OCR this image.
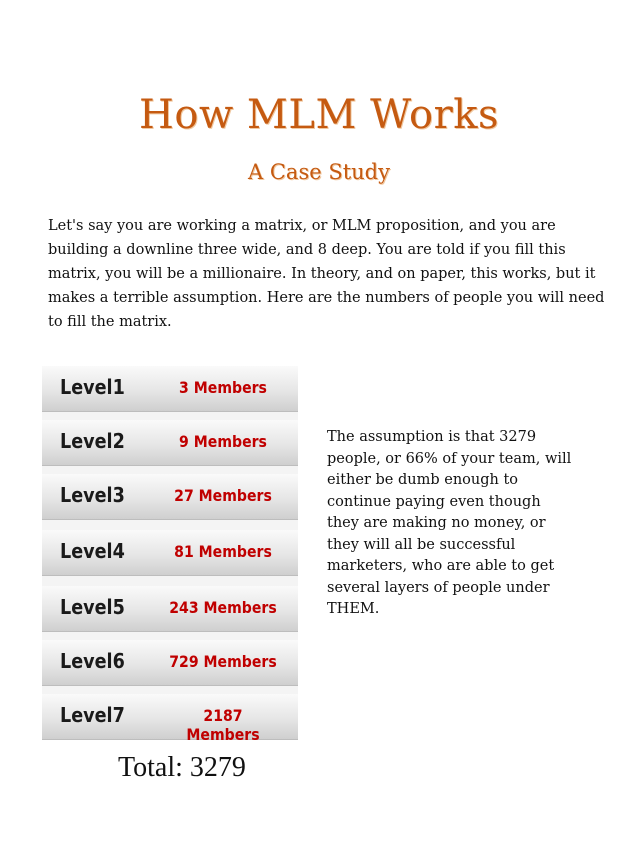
How MLM Works
A Case Study

Let's say you are working a matrix, or MLM proposition, and you are building a downline three wide, and 8 deep. You are told if you fill this matrix, you will be a millionaire. In theory, and on paper, this works, but it makes a terrible assumption. Here are the numbers of people you will need to fill the matrix.

Level1	3 Members
Level2	9 Members
Level3	27 Members
Level4	81 Members
Level5	243 Members
Level6	729 Members
Level7	2187 Members

The assumption is that 3279 people, or 66% of your team, will either be dumb enough to continue paying even though they are making no money, or they will all be successful marketers, who are able to get several layers of people under THEM.

Total: 3279
